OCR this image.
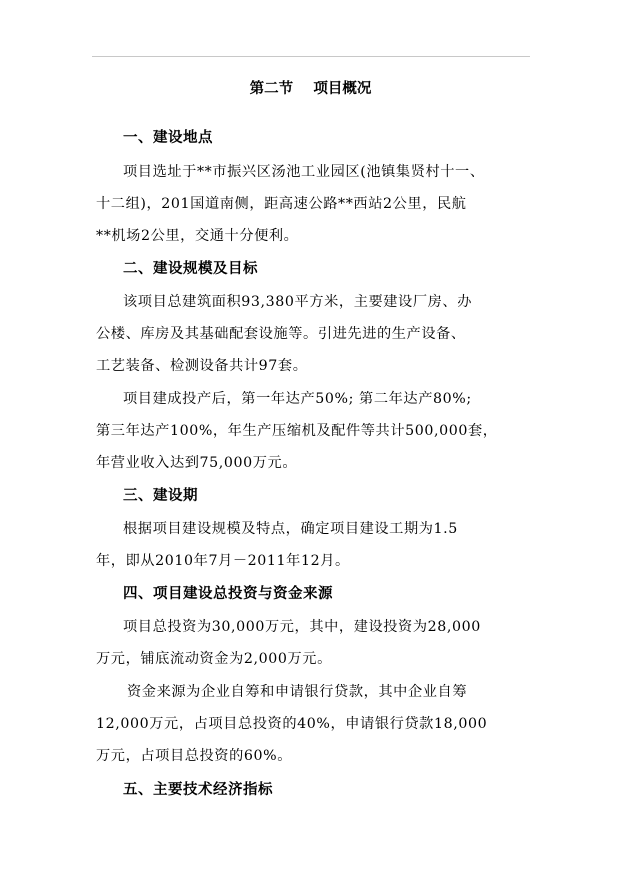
第二节    项目概况
一、建设地点
项目选址于**市振兴区汤池工业园区(池镇集贤村十一、
十二组)，201国道南侧，距高速公路**西站2公里，民航
**机场2公里，交通十分便利。
二、建设规模及目标
该项目总建筑面积93,380平方米，主要建设厂房、办
公楼、库房及其基础配套设施等。引进先进的生产设备、
工艺装备、检测设备共计97套。
项目建成投产后，第一年达产50%; 第二年达产80%;
第三年达产100%，年生产压缩机及配件等共计500,000套，
年营业收入达到75,000万元。
三、建设期
根据项目建设规模及特点，确定项目建设工期为1.5
年，即从2010年7月－2011年12月。
四、项目建设总投资与资金来源
项目总投资为30,000万元，其中，建设投资为28,000
万元，铺底流动资金为2,000万元。
资金来源为企业自筹和申请银行贷款，其中企业自筹
12,000万元，占项目总投资的40%，申请银行贷款18,000
万元，占项目总投资的60%。
五、主要技术经济指标
